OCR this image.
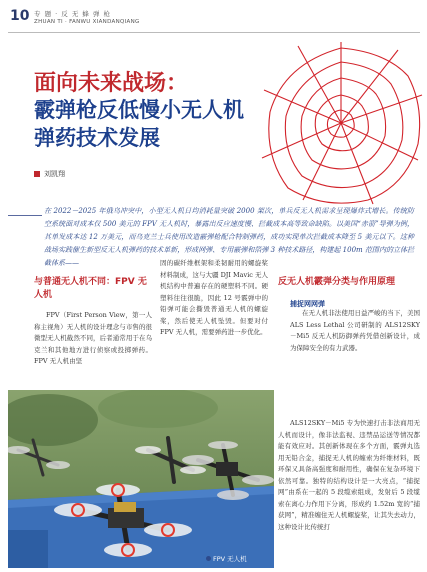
10 专 题 · 反 无 蜂 弹 枪
ZHUAN TI · FANWU XIANDANQIANG
面向未来战场：
霰弹枪反低慢小无人机
弹药技术发展
刘凯翔

在 2022－2025 年俄乌冲突中，小型无人机日均消耗量突破 2000 架次，单兵反无人机需求呈现爆炸式增长。传统防空系统面对成本仅 500 美元的 FPV 无人机时，暴露出反应速度慢、拦截成本高等致命缺陷。以美国“赤箭”导弹为例，其单发成本达 12 万美元，而乌克兰士兵使用改造霰弹枪配合特制弹药，成功实现单次拦截成本降至 5 美元以下。这种战场实践催生新型反无人机弹药的技术革新，形成网弹、专用霰弹和箔弹 3 种技术路径，构建起 100m 范围内的立体拦截体系——

与普通无人机不同：FPV 无人机

FPV（First Person View，第一人称主视角）无人机的设计理念与市售的很微型无人机截然不同，后者通常用于在乌克兰和其他地方进行侦察或投掷弹药。FPV 无人机由坚

固的碳纤维框架和柔韧耐用的螺旋桨材料制成，这与大疆 DJI Mavic 无人机结构中普遍存在的硬塑料不同。硬塑料往往很脆，因此 12 号霰弹中的铅弹可能会撕毁普通无人机的螺旋桨，然后使无人机坠毁。但要对付 FPV 无人机，需要弹药进一步优化。

反无人机霰弹分类与作用原理
捕捉网网弹

在无人机非法使用日益严峻的当下，美国 ALS Less Lethal 公司研制的 ALS12SKY－Mi5 反无人机防御弹药凭借创新设计，成为保障安全的有力武器。

ALS12SKY－Mi5 专为快速打击非法商用无人机而设计，像非法监视、违禁品运送等情况都能有效应对。其创新体现在多个方面，霰弹丸选用无铅合金，捕捉无人机的缠索为纤维材料，既环保又具备高强度和耐用性，确保在复杂环境下依然可靠。独特的结构设计是一大亮点，“捕捉网”由系在一起的 5 段缆索组成，发射后 5 段缆索在离心力作用下分离，形成约 1.52m 宽的“捕获网”，精准缠住无人机螺旋桨，让其失去动力，这种设计比传统打

FPV 无人机
